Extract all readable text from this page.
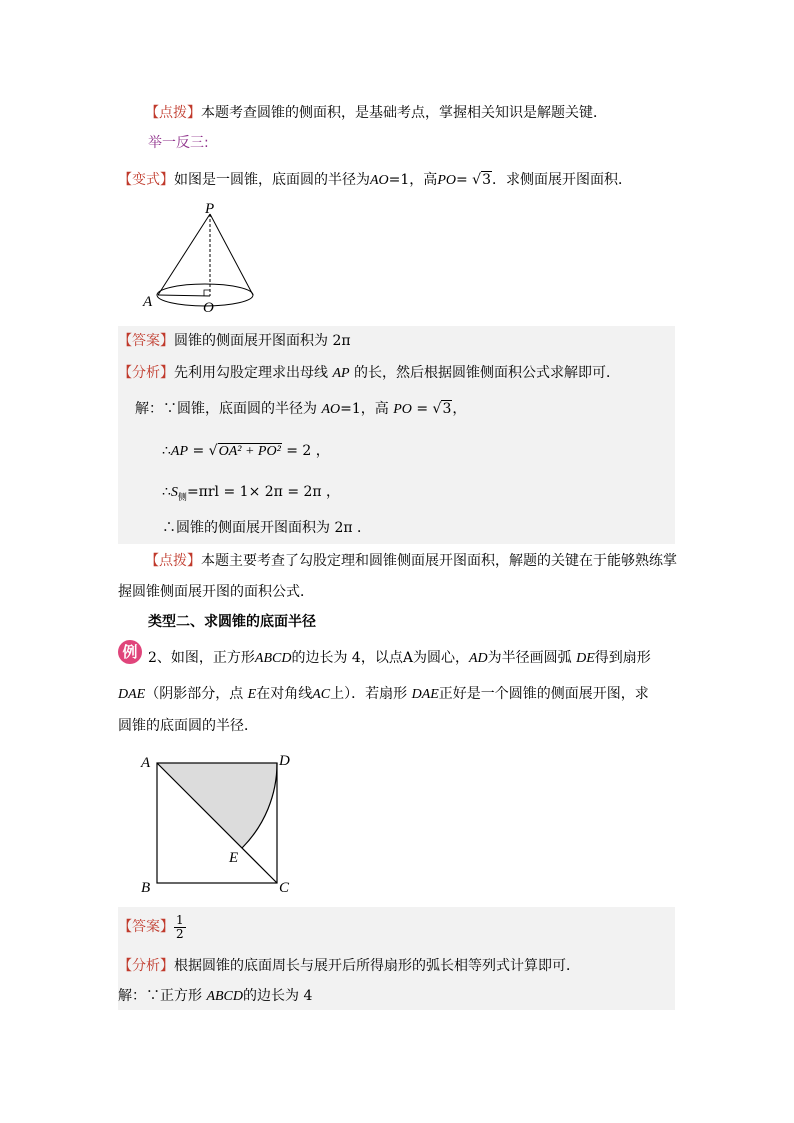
【点拨】本题考查圆锥的侧面积，是基础考点，掌握相关知识是解题关键．
举一反三:
【变式】如图是一圆锥，底面圆的半径为AO=1，高PO= √3．求侧面展开图面积．
P
A	O
【答案】圆锥的侧面展开图面积为 2π
【分析】先利用勾股定理求出母线 AP 的长，然后根据圆锥侧面积公式求解即可．
解：∵圆锥，底面圆的半径为 AO=1，高 PO = √3，
∴AP = √OA² + PO² = 2 ，
$\therefore S_侧=\pi rl = 1\times 2\pi = 2\pi$ ，
∴圆锥的侧面展开图面积为 2π ．
【点拨】本题主要考查了勾股定理和圆锥侧面展开图面积，解题的关键在于能够熟练掌
握圆锥侧面展开图的面积公式．
类型二、求圆锥的底面半径
例 2、如图，正方形ABCD的边长为 4，以点A为圆心，AD为半径画圆弧 DE得到扇形
DAE（阴影部分，点 E在对角线AC上）．若扇形 DAE正好是一个圆锥的侧面展开图，求
圆锥的底面圆的半径．
A	D
B	C
E
【答案】 $\frac{1}{2}$
【分析】根据圆锥的底面周长与展开后所得扇形的弧长相等列式计算即可．
解：∵正方形 ABCD的边长为 4
